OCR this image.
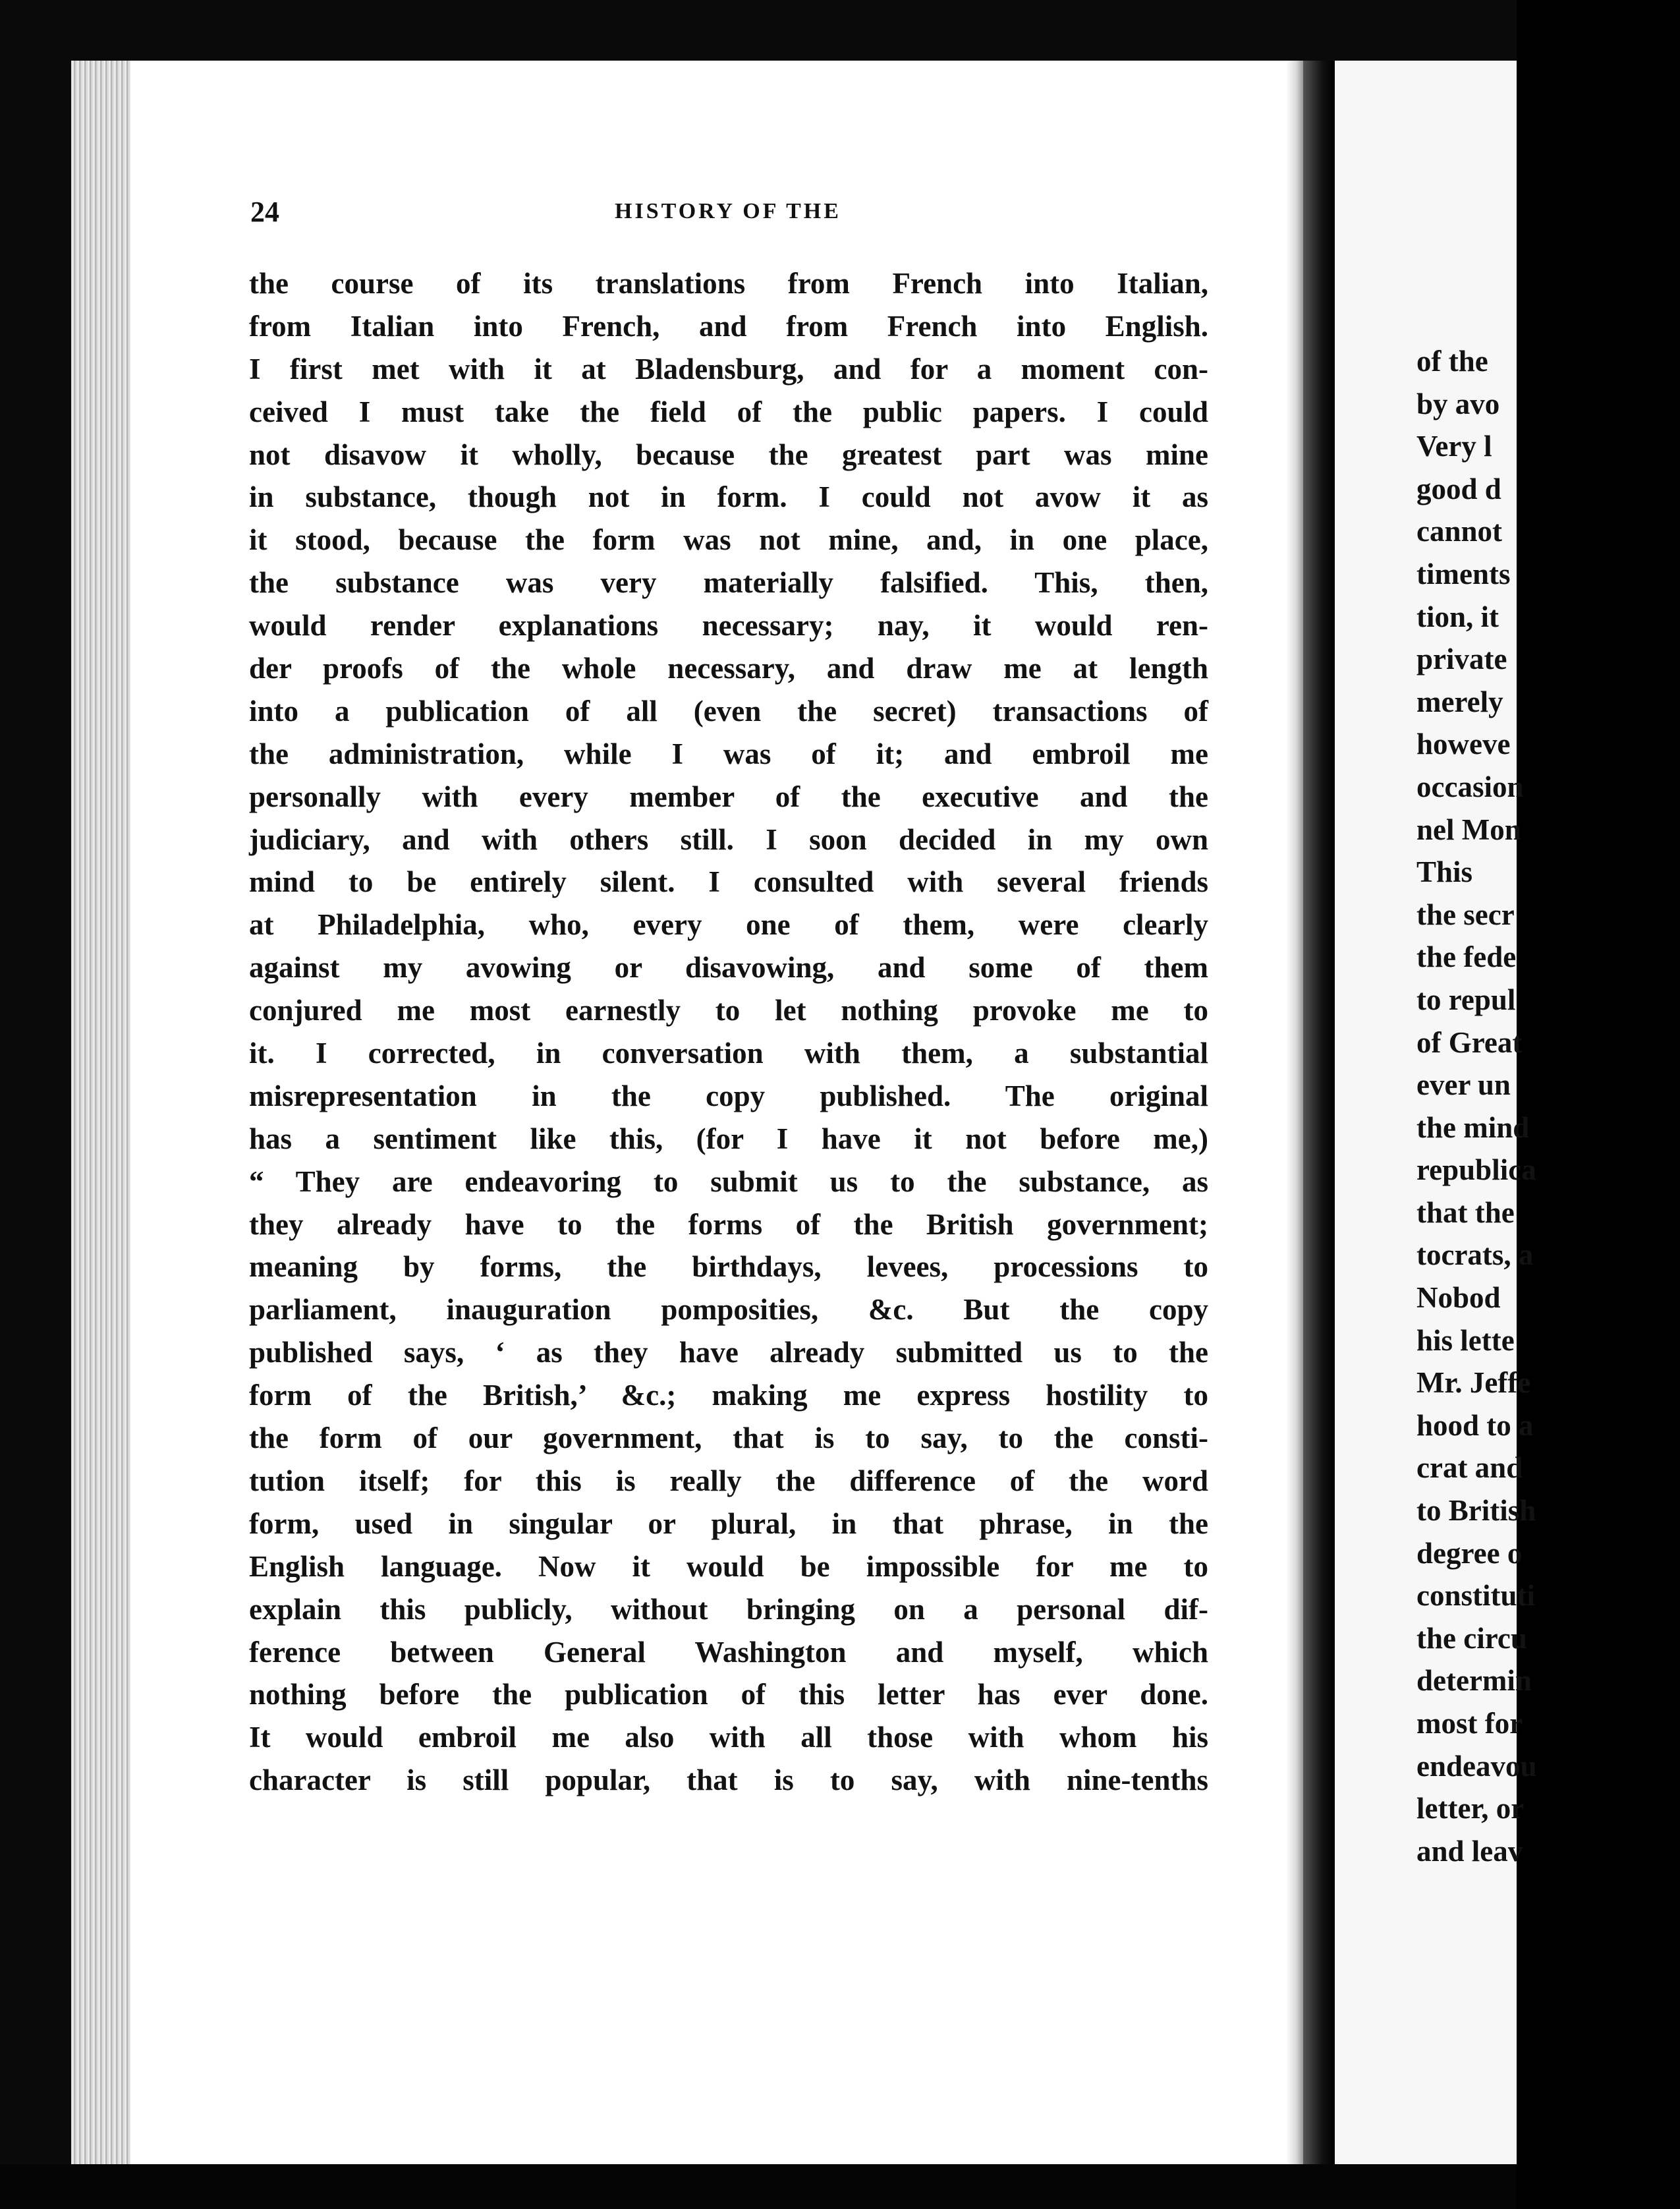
24	HISTORY OF THE
the course of its translations from French into Italian,
from Italian into French, and from French into English.
I first met with it at Bladensburg, and for a moment con-
ceived I must take the field of the public papers. I could
not disavow it wholly, because the greatest part was mine
in substance, though not in form. I could not avow it as
it stood, because the form was not mine, and, in one place,
the substance was very materially falsified. This, then,
would render explanations necessary; nay, it would ren-
der proofs of the whole necessary, and draw me at length
into a publication of all (even the secret) transactions of
the administration, while I was of it; and embroil me
personally with every member of the executive and the
judiciary, and with others still. I soon decided in my own
mind to be entirely silent. I consulted with several friends
at Philadelphia, who, every one of them, were clearly
against my avowing or disavowing, and some of them
conjured me most earnestly to let nothing provoke me to
it. I corrected, in conversation with them, a substantial
misrepresentation in the copy published. The original
has a sentiment like this, (for I have it not before me,)
“ They are endeavoring to submit us to the substance, as
they already have to the forms of the British government;
meaning by forms, the birthdays, levees, processions to
parliament, inauguration pomposities, &c. But the copy
published says, ‘ as they have already submitted us to the
form of the British,’ &c.; making me express hostility to
the form of our government, that is to say, to the consti-
tution itself; for this is really the difference of the word
form, used in singular or plural, in that phrase, in the
English language. Now it would be impossible for me to
explain this publicly, without bringing on a personal dif-
ference between General Washington and myself, which
nothing before the publication of this letter has ever done.
It would embroil me also with all those with whom his
character is still popular, that is to say, with nine-tenths
of the
by avo
Very l
good d
cannot
timents
tion, it
private
merely
howeve
occasion
nel Mon
This
the secr
the fede
to repul
of Great
ever un
the mind
republica
that the
tocrats, a
Nobod
his lette
Mr. Jeffe
hood to a
crat and
to British
degree o
constituti
the circu
determin
most for
endeavou
letter, or
and leav
